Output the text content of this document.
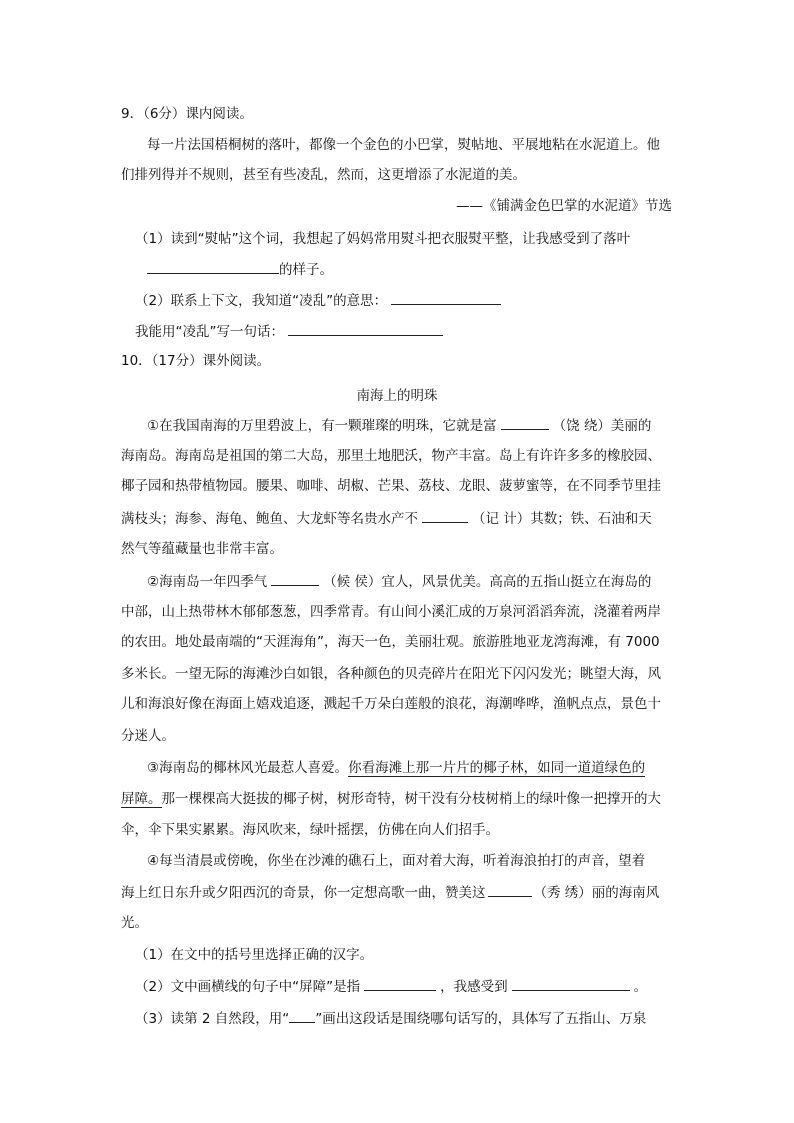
9．（6分）课内阅读。
每一片法国梧桐树的落叶，都像一个金色的小巴掌，熨帖地、平展地粘在水泥道上。他
们排列得并不规则，甚至有些凌乱，然而，这更增添了水泥道的美。
——《铺满金色巴掌的水泥道》节选
（1）读到“熨帖”这个词，我想起了妈妈常用熨斗把衣服熨平整，让我感受到了落叶
的样子。
（2）联系上下文，我知道“凌乱”的意思：
我能用“凌乱”写一句话：
10．（17分）课外阅读。
南海上的明珠
①在我国南海的万里碧波上，有一颗璀璨的明珠，它就是富	（饶 绕）美丽的
海南岛。海南岛是祖国的第二大岛，那里土地肥沃，物产丰富。岛上有许许多多的橡胶园、
椰子园和热带植物园。腰果、咖啡、胡椒、芒果、荔枝、龙眼、菠萝蜜等，在不同季节里挂
满枝头；海参、海龟、鲍鱼、大龙虾等名贵水产不	（记 计）其数；铁、石油和天
然气等蕴藏量也非常丰富。
②海南岛一年四季气	（候 侯）宜人，风景优美。高高的五指山挺立在海岛的
中部，山上热带林木郁郁葱葱，四季常青。有山间小溪汇成的万泉河滔滔奔流，浇灌着两岸
的农田。地处最南端的“天涯海角”，海天一色，美丽壮观。旅游胜地亚龙湾海滩，有 7000
多米长。一望无际的海滩沙白如银，各种颜色的贝壳碎片在阳光下闪闪发光；眺望大海，风
儿和海浪好像在海面上嬉戏追逐，溅起千万朵白莲般的浪花，海潮哗哗，渔帆点点，景色十
分迷人。
③海南岛的椰林风光最惹人喜爱。你看海滩上那一片片的椰子林，如同一道道绿色的
屏障。那一棵棵高大挺拔的椰子树，树形奇特，树干没有分枝树梢上的绿叶像一把撑开的大
伞，伞下果实累累。海风吹来，绿叶摇摆，仿佛在向人们招手。
④每当清晨或傍晚，你坐在沙滩的礁石上，面对着大海，听着海浪拍打的声音，望着
海上红日东升或夕阳西沉的奇景，你一定想高歌一曲，赞美这	（秀 绣）丽的海南风
光。
（1）在文中的括号里选择正确的汉字。
（2）文中画横线的句子中“屏障”是指	，我感受到	。
（3）读第 2 自然段，用“ ”画出这段话是围绕哪句话写的，具体写了五指山、万泉
